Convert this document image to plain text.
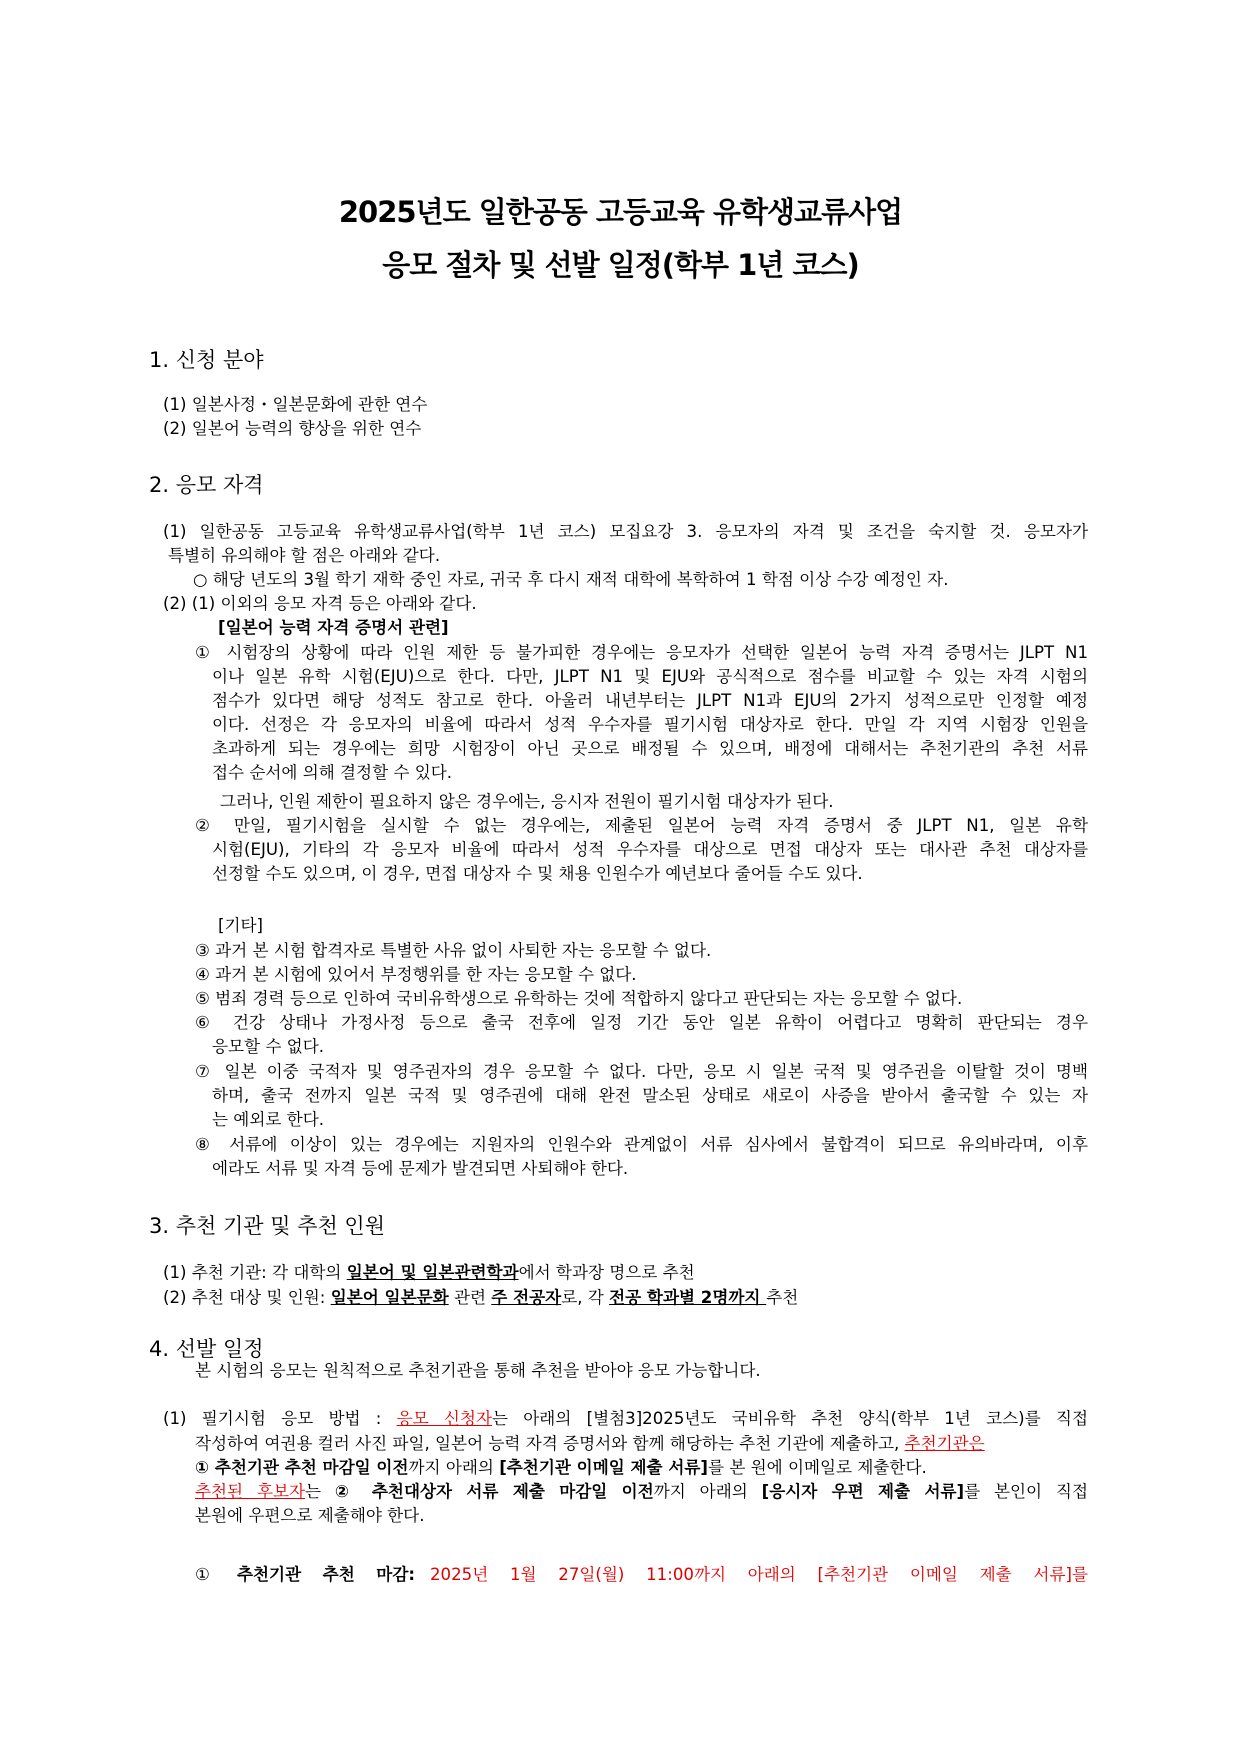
2025년도 일한공동 고등교육 유학생교류사업
응모 절차 및 선발 일정(학부 1년 코스)
1. 신청 분야
(1) 일본사정・일본문화에 관한 연수
(2) 일본어 능력의 향상을 위한 연수
2. 응모 자격
(1) 일한공동 고등교육 유학생교류사업(학부 1년 코스) 모집요강 3. 응모자의 자격 및 조건을 숙지할 것. 응모자가
특별히 유의해야 할 점은 아래와 같다.
○ 해당 년도의 3월 학기 재학 중인 자로, 귀국 후 다시 재적 대학에 복학하여 1 학점 이상 수강 예정인 자.
(2) (1) 이외의 응모 자격 등은 아래와 같다.
[일본어 능력 자격 증명서 관련]
① 시험장의 상황에 따라 인원 제한 등 불가피한 경우에는 응모자가 선택한 일본어 능력 자격 증명서는 JLPT N1
이나 일본 유학 시험(EJU)으로 한다. 다만, JLPT N1 및 EJU와 공식적으로 점수를 비교할 수 있는 자격 시험의
점수가 있다면 해당 성적도 참고로 한다. 아울러 내년부터는 JLPT N1과 EJU의 2가지 성적으로만 인정할 예정
이다. 선정은 각 응모자의 비율에 따라서 성적 우수자를 필기시험 대상자로 한다. 만일 각 지역 시험장 인원을
초과하게 되는 경우에는 희망 시험장이 아닌 곳으로 배정될 수 있으며, 배정에 대해서는 추천기관의 추천 서류
접수 순서에 의해 결정할 수 있다.
그러나, 인원 제한이 필요하지 않은 경우에는, 응시자 전원이 필기시험 대상자가 된다.
② 만일, 필기시험을 실시할 수 없는 경우에는, 제출된 일본어 능력 자격 증명서 중 JLPT N1, 일본 유학
시험(EJU), 기타의 각 응모자 비율에 따라서 성적 우수자를 대상으로 면접 대상자 또는 대사관 추천 대상자를
선정할 수도 있으며, 이 경우, 면접 대상자 수 및 채용 인원수가 예년보다 줄어들 수도 있다.
[기타]
③ 과거 본 시험 합격자로 특별한 사유 없이 사퇴한 자는 응모할 수 없다.
④ 과거 본 시험에 있어서 부정행위를 한 자는 응모할 수 없다.
⑤ 범죄 경력 등으로 인하여 국비유학생으로 유학하는 것에 적합하지 않다고 판단되는 자는 응모할 수 없다.
⑥ 건강 상태나 가정사정 등으로 출국 전후에 일정 기간 동안 일본 유학이 어렵다고 명확히 판단되는 경우
응모할 수 없다.
⑦ 일본 이중 국적자 및 영주권자의 경우 응모할 수 없다. 다만, 응모 시 일본 국적 및 영주권을 이탈할 것이 명백
하며, 출국 전까지 일본 국적 및 영주권에 대해 완전 말소된 상태로 새로이 사증을 받아서 출국할 수 있는 자
는 예외로 한다.
⑧ 서류에 이상이 있는 경우에는 지원자의 인원수와 관계없이 서류 심사에서 불합격이 되므로 유의바라며, 이후
에라도 서류 및 자격 등에 문제가 발견되면 사퇴해야 한다.
3. 추천 기관 및 추천 인원
(1) 추천 기관: 각 대학의 일본어 및 일본관련학과에서 학과장 명으로 추천
(2) 추천 대상 및 인원: 일본어 일본문화 관련 주 전공자로, 각 전공 학과별 2명까지 추천
4. 선발 일정
본 시험의 응모는 원칙적으로 추천기관을 통해 추천을 받아야 응모 가능합니다.
(1) 필기시험 응모 방법 : 응모 신청자는 아래의 [별첨3]2025년도 국비유학 추천 양식(학부 1년 코스)를 직접
작성하여 여권용 컬러 사진 파일, 일본어 능력 자격 증명서와 함께 해당하는 추천 기관에 제출하고, 추천기관은
① 추천기관 추천 마감일 이전까지 아래의 [추천기관 이메일 제출 서류]를 본 원에 이메일로 제출한다.
추천된 후보자는 ② 추천대상자 서류 제출 마감일 이전까지 아래의 [응시자 우편 제출 서류]를 본인이 직접
본원에 우편으로 제출해야 한다.
① 추천기관 추천 마감: 2025년 1월 27일(월) 11:00까지 아래의 [추천기관 이메일 제출 서류]를
